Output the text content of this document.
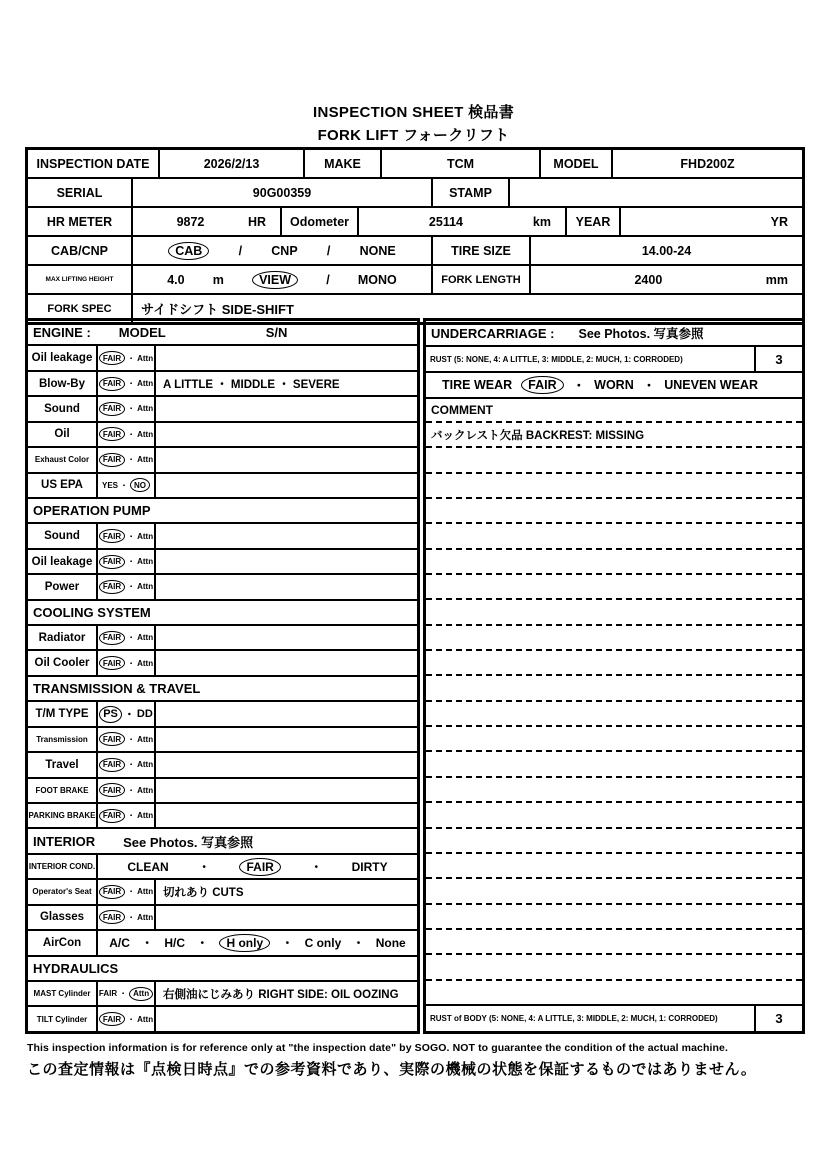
INSPECTION SHEET 検品書
FORK LIFT フォークリフト
INSPECTION DATE	2026/2/13	MAKE	TCM	MODEL	FHD200Z
SERIAL	90G00359	STAMP
HR METER	9872	HR	Odometer	25114	km	YEAR	YR
CAB/CNP	CAB	/ CNP / NONE	TIRE SIZE	14.00-24
MAX LIFTING HEIGHT	4.0 m	VIEW	/ MONO	FORK LENGTH	2400	mm
FORK SPEC	サイドシフト SIDE-SHIFT
ENGINE : MODEL	S/N
Oil leakage	FAIR ・ Attn
Blow-By	FAIR ・ Attn A LITTLE ・ MIDDLE ・ SEVERE
Sound	FAIR ・ Attn
Oil	FAIR ・ Attn
Exhaust Color	FAIR ・ Attn
US EPA	YES ・ NO
OPERATION PUMP
Sound	FAIR ・ Attn
Oil leakage	FAIR ・ Attn
Power	FAIR ・ Attn
COOLING SYSTEM
Radiator	FAIR ・ Attn
Oil Cooler	FAIR ・ Attn
TRANSMISSION & TRAVEL
T/M TYPE	PS ・ DD
Transmission	FAIR ・ Attn
Travel	FAIR ・ Attn
FOOT BRAKE	FAIR ・ Attn
PARKING BRAKE FAIR ・ Attn
INTERIOR See Photos. 写真参照
INTERIOR COND.	CLEAN ・	FAIR	・ DIRTY
Operator's Seat	FAIR ・ Attn 切れあり CUTS
Glasses	FAIR ・ Attn
AirCon	A/C ・ H/C ・	H only	・ C only ・ None
HYDRAULICS
MAST Cylinder	FAIR ・ Attn	右側油にじみあり RIGHT SIDE: OIL OOZING
TILT Cylinder	FAIR ・ Attn
UNDERCARRIAGE : See Photos. 写真参照
RUST (5: NONE, 4: A LITTLE, 3: MIDDLE, 2: MUCH, 1: CORRODED)	3
TIRE WEAR	FAIR	・ WORN ・ UNEVEN WEAR
COMMENT
バックレスト欠品 BACKREST: MISSING
RUST of BODY (5: NONE, 4: A LITTLE, 3: MIDDLE, 2: MUCH, 1: CORRODED)	3
This inspection information is for reference only at "the inspection date" by SOGO. NOT to guarantee the condition of the actual machine.
この査定情報は『点検日時点』での参考資料であり、実際の機械の状態を保証するものではありません。
